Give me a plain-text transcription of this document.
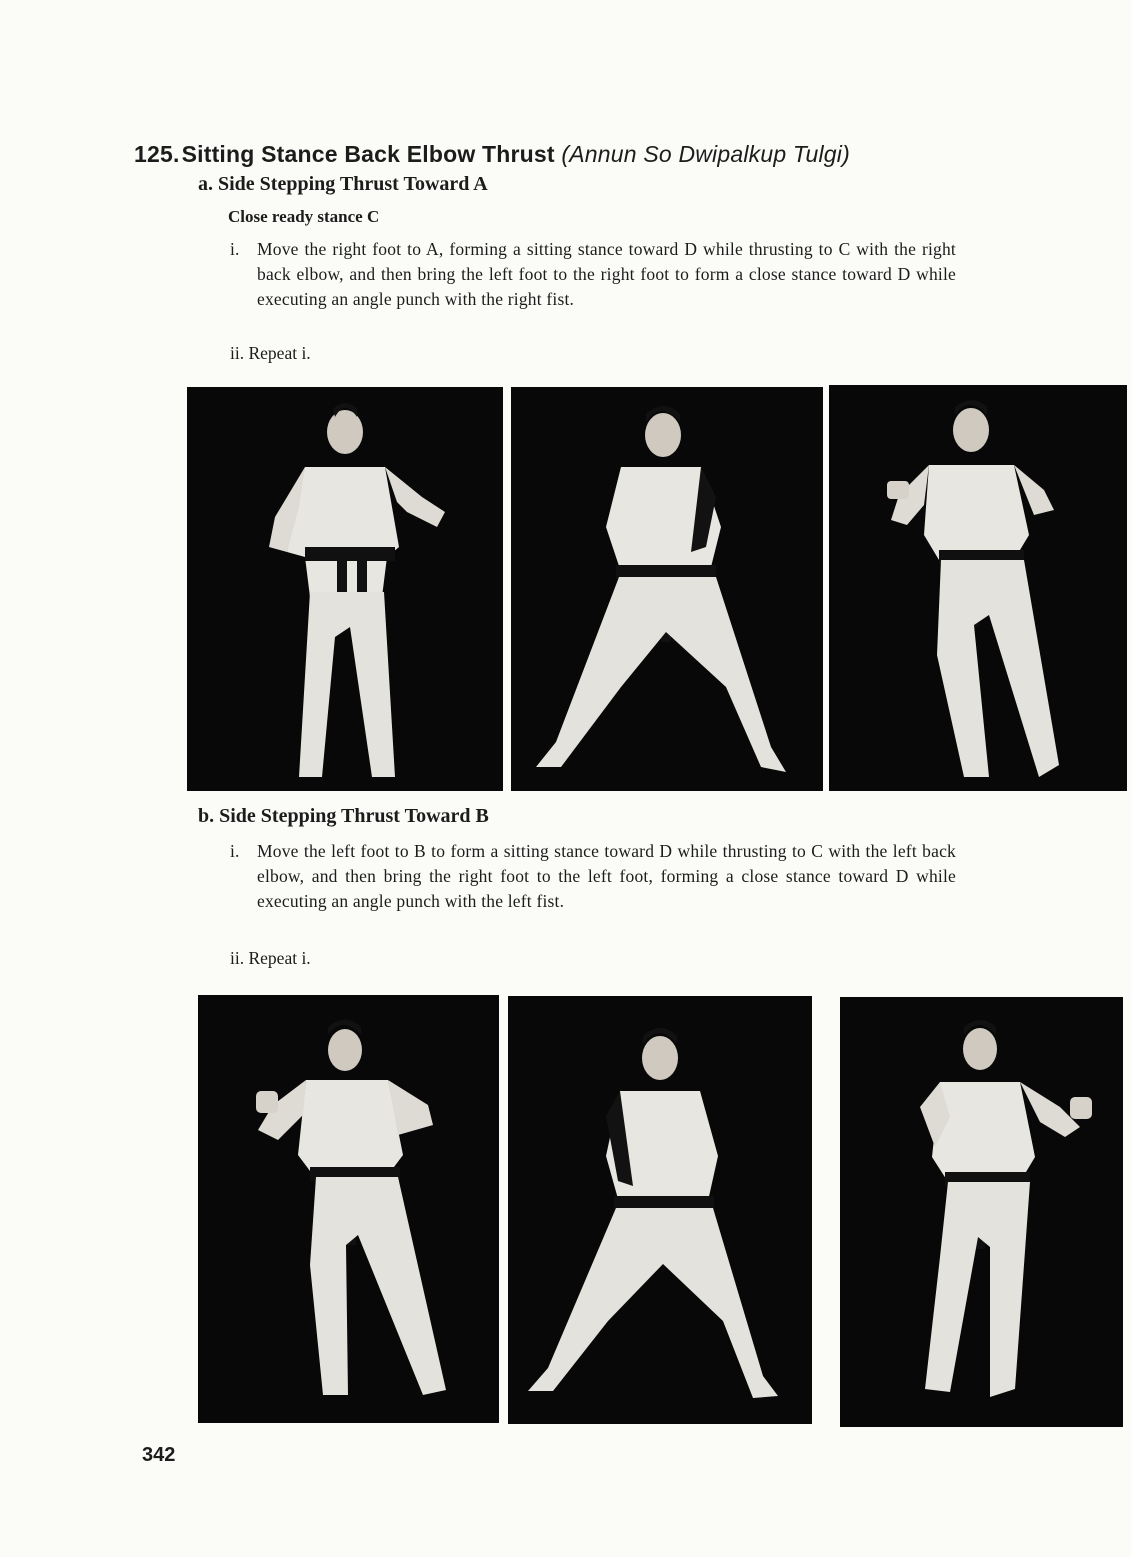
125.Sitting Stance Back Elbow Thrust (Annun So Dwipalkup Tulgi)
a. Side Stepping Thrust Toward A
Close ready stance C
i. Move the right foot to A, forming a sitting stance toward D while thrusting to C with the right back elbow, and then bring the left foot to the right foot to form a close stance toward D while executing an angle punch with the right fist.
ii. Repeat i.
b. Side Stepping Thrust Toward B
i. Move the left foot to B to form a sitting stance toward D while thrusting to C with the left back elbow, and then bring the right foot to the left foot, forming a close stance toward D while executing an angle punch with the left fist.
ii. Repeat i.
342
